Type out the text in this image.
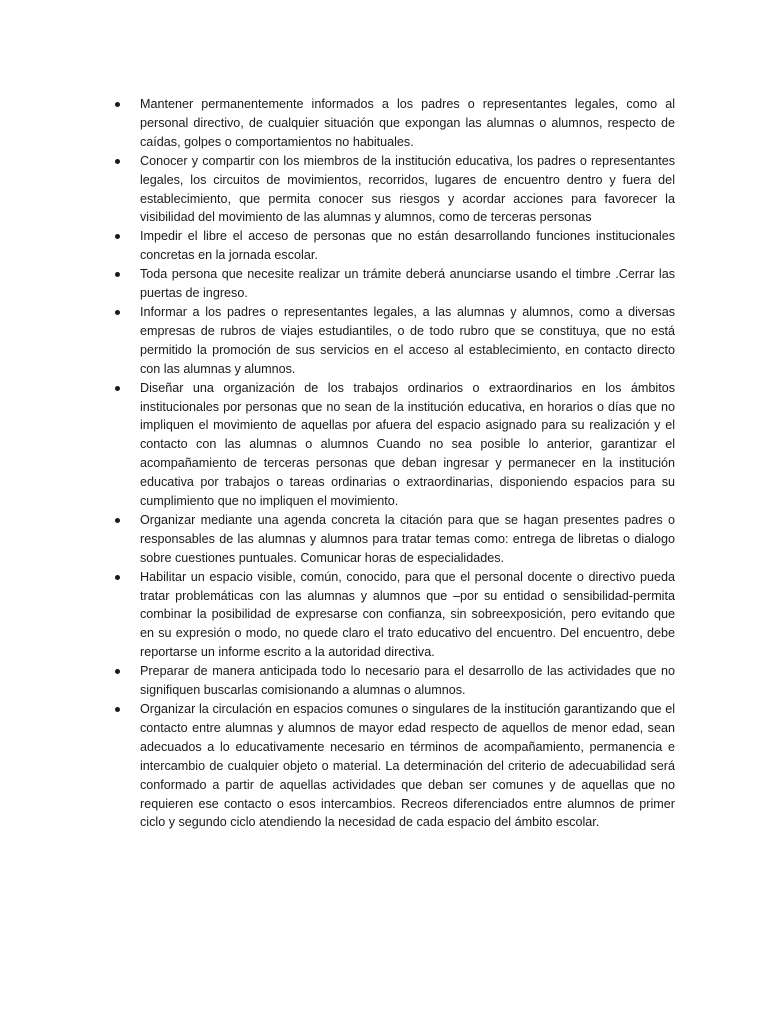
Mantener permanentemente informados a los padres o representantes legales, como al personal directivo, de cualquier situación que expongan las alumnas o alumnos, respecto de caídas, golpes o comportamientos no habituales.
Conocer y compartir con los miembros de la institución educativa, los padres o representantes legales, los circuitos de movimientos, recorridos, lugares de encuentro dentro y fuera del establecimiento, que permita conocer sus riesgos y acordar acciones para favorecer la visibilidad del movimiento de las alumnas y alumnos, como de terceras personas
Impedir el libre el acceso de personas que no están desarrollando funciones institucionales concretas en la jornada escolar.
Toda persona que necesite realizar un trámite deberá anunciarse usando el timbre .Cerrar las puertas de ingreso.
Informar a los padres o representantes legales, a las alumnas y alumnos, como a diversas empresas de rubros de viajes estudiantiles, o de todo rubro que se constituya, que no está permitido la promoción de sus servicios en el acceso al establecimiento, en contacto directo con las alumnas y alumnos.
Diseñar una organización de los trabajos ordinarios o extraordinarios en los ámbitos institucionales por personas que no sean de la institución educativa, en horarios o días que no impliquen el movimiento de aquellas por afuera del espacio asignado para su realización y el contacto con las alumnas o alumnos Cuando no sea posible lo anterior, garantizar el acompañamiento de terceras personas que deban ingresar y permanecer en la institución educativa por trabajos o tareas ordinarias o extraordinarias, disponiendo espacios para su cumplimiento que no impliquen el movimiento.
Organizar mediante una agenda concreta la citación para que se hagan presentes padres o responsables de las alumnas y alumnos para tratar temas como: entrega de libretas o dialogo sobre cuestiones puntuales. Comunicar horas de especialidades.
Habilitar un espacio visible, común, conocido, para que el personal docente o directivo pueda tratar problemáticas con las alumnas y alumnos que –por su entidad o sensibilidad-permita combinar la posibilidad de expresarse con confianza, sin sobreexposición, pero evitando que en su expresión o modo, no quede claro el trato educativo del encuentro. Del encuentro, debe reportarse un informe escrito a la autoridad directiva.
Preparar de manera anticipada todo lo necesario para el desarrollo de las actividades que no signifiquen buscarlas comisionando a alumnas o alumnos.
Organizar la circulación en espacios comunes o singulares de la institución garantizando que el contacto entre alumnas y alumnos de mayor edad respecto de aquellos de menor edad, sean adecuados a lo educativamente necesario en términos de acompañamiento, permanencia e intercambio de cualquier objeto o material. La determinación del criterio de adecuabilidad será conformado a partir de aquellas actividades que deban ser comunes y de aquellas que no requieren ese contacto o esos intercambios. Recreos diferenciados entre alumnos de primer ciclo y segundo ciclo atendiendo la necesidad de cada espacio del ámbito escolar.
